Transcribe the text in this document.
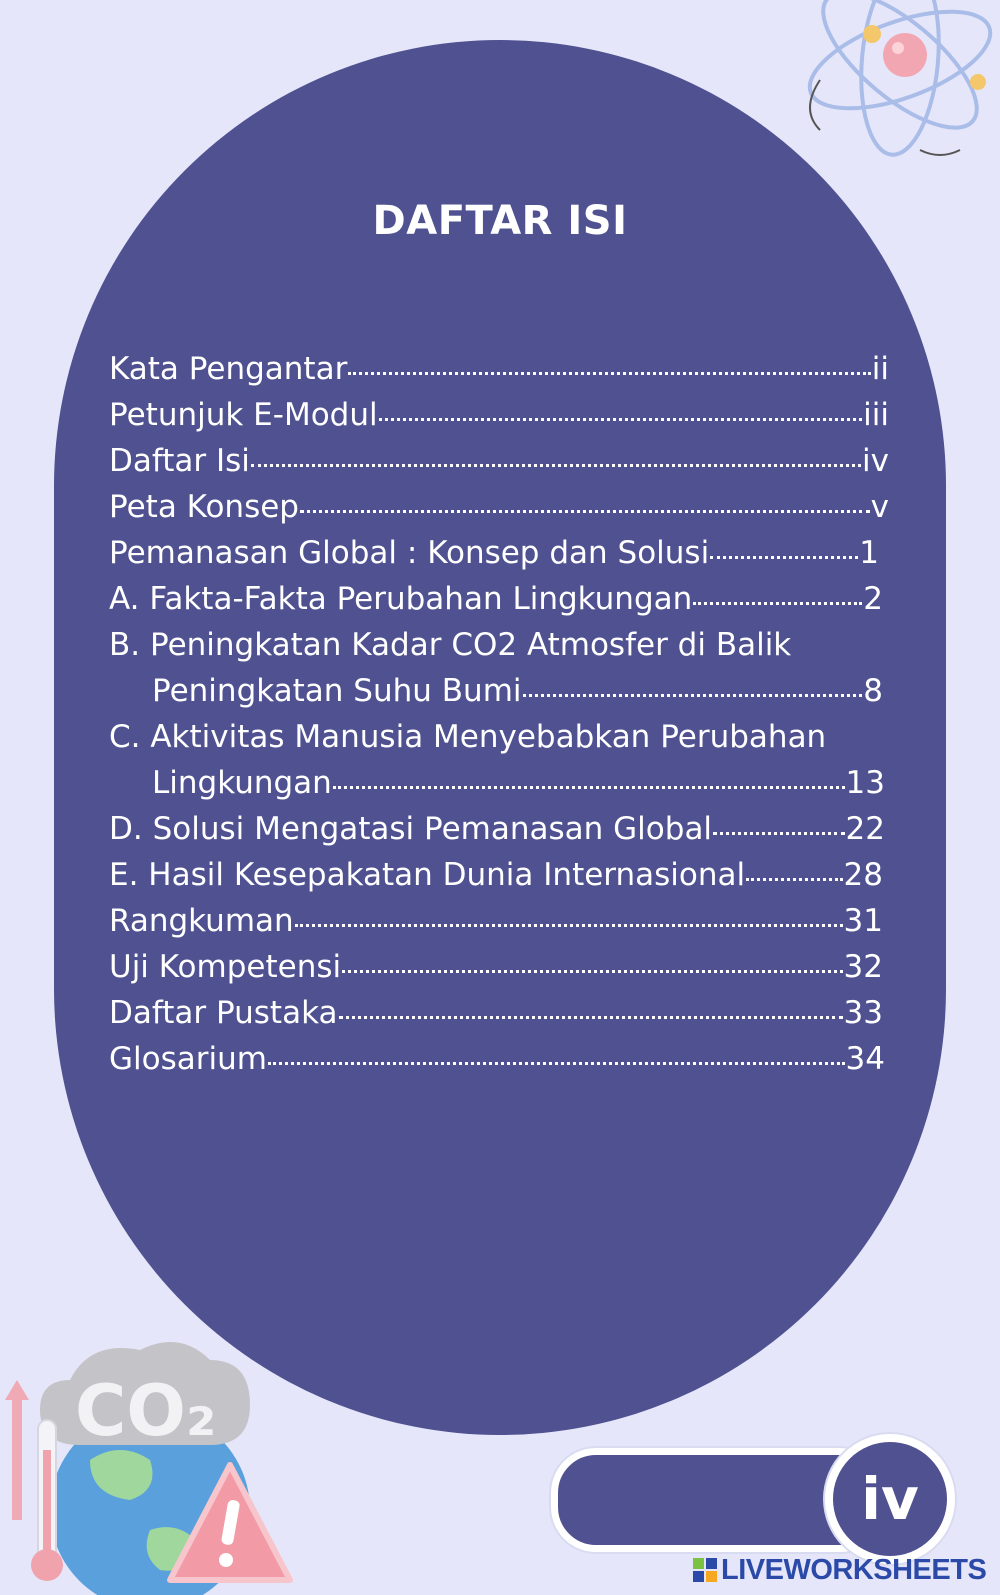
DAFTAR ISI
Kata Pengantar	ii
Petunjuk E-Modul	iii
Daftar Isi	iv
Peta Konsep	v
Pemanasan Global : Konsep dan Solusi	1
A. Fakta-Fakta Perubahan Lingkungan	2
B. Peningkatan Kadar CO2 Atmosfer di Balik
Peningkatan Suhu Bumi	8
C. Aktivitas Manusia Menyebabkan Perubahan
Lingkungan	13
D. Solusi Mengatasi Pemanasan Global	22
E. Hasil Kesepakatan Dunia Internasional	28
Rangkuman	31
Uji Kompetensi	32
Daftar Pustaka	33
Glosarium	34
CO₂
iv
LIVEWORKSHEETS
